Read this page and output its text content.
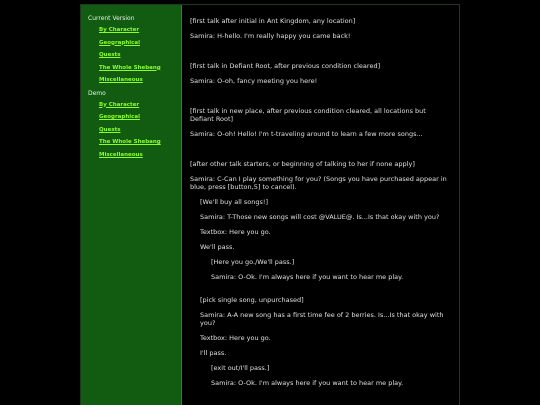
Current Version
By Character
Geographical
Quests
The Whole Shebang
Miscellaneous
Demo
By Character
Geographical
Quests
The Whole Shebang
Miscellaneous

[first talk after initial in Ant Kingdom, any location]

Samira: H-hello. I'm really happy you came back!

[first talk in Defiant Root, after previous condition cleared]

Samira: O-oh, fancy meeting you here!

[first talk in new place, after previous condition cleared, all locations but Defiant Root]

Samira: O-oh! Hello! I'm t-traveling around to learn a few more songs...

[after other talk starters, or beginning of talking to her if none apply]

Samira: C-Can I play something for you? (Songs you have purchased appear in blue, press [button,5] to cancel).

[We'll buy all songs!]

Samira: T-Those new songs will cost @VALUE@. Is...Is that okay with you?

Textbox: Here you go.

We'll pass.

[Here you go./We'll pass.]

Samira: O-Ok. I'm always here if you want to hear me play.

[pick single song, unpurchased]

Samira: A-A new song has a first time fee of 2 berries. Is...Is that okay with you?

Textbox: Here you go.

I'll pass.

[exit out/I'll pass.]

Samira: O-Ok. I'm always here if you want to hear me play.
